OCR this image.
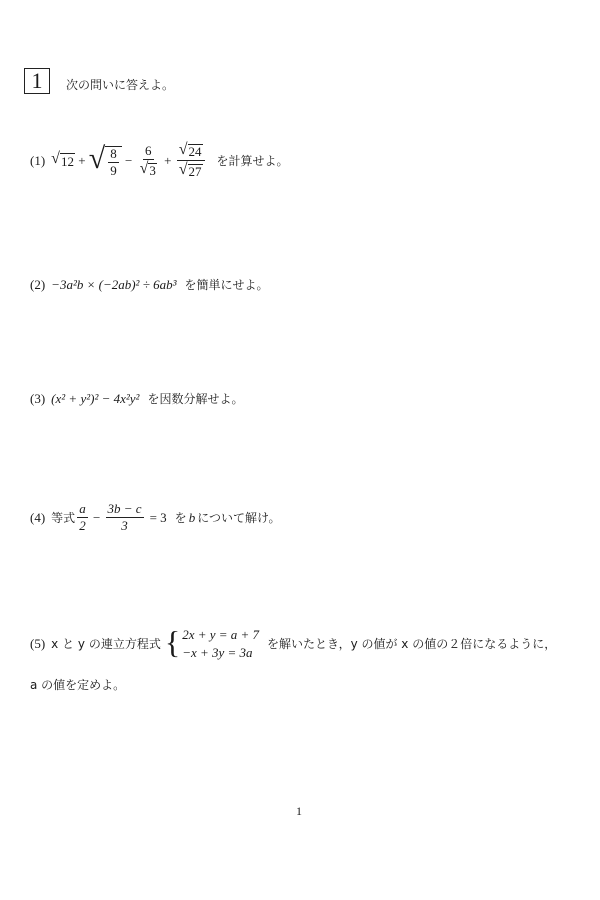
1	次の問いに答えよ。
(1) √ 12 + √ $\frac{8}{9} - \frac{6}{√ 3} + \frac{√ 24}{√ 27}$ を計算せよ。
(2) −3a²b × (−2ab)² ÷ 6ab³ を簡単にせよ。
(3) (x² + y²)² − 4x²y² を因数分解せよ。
(4) 等式 $\frac{a}{2} - \frac{3b - c}{3} = 3$ を b について解け。
(5) x と y の連立方程式 { 2x + y = a + 7
−x + 3y = 3a
を解いたとき，y の値が x の値の２倍になるように，
a の値を定めよ。
1
